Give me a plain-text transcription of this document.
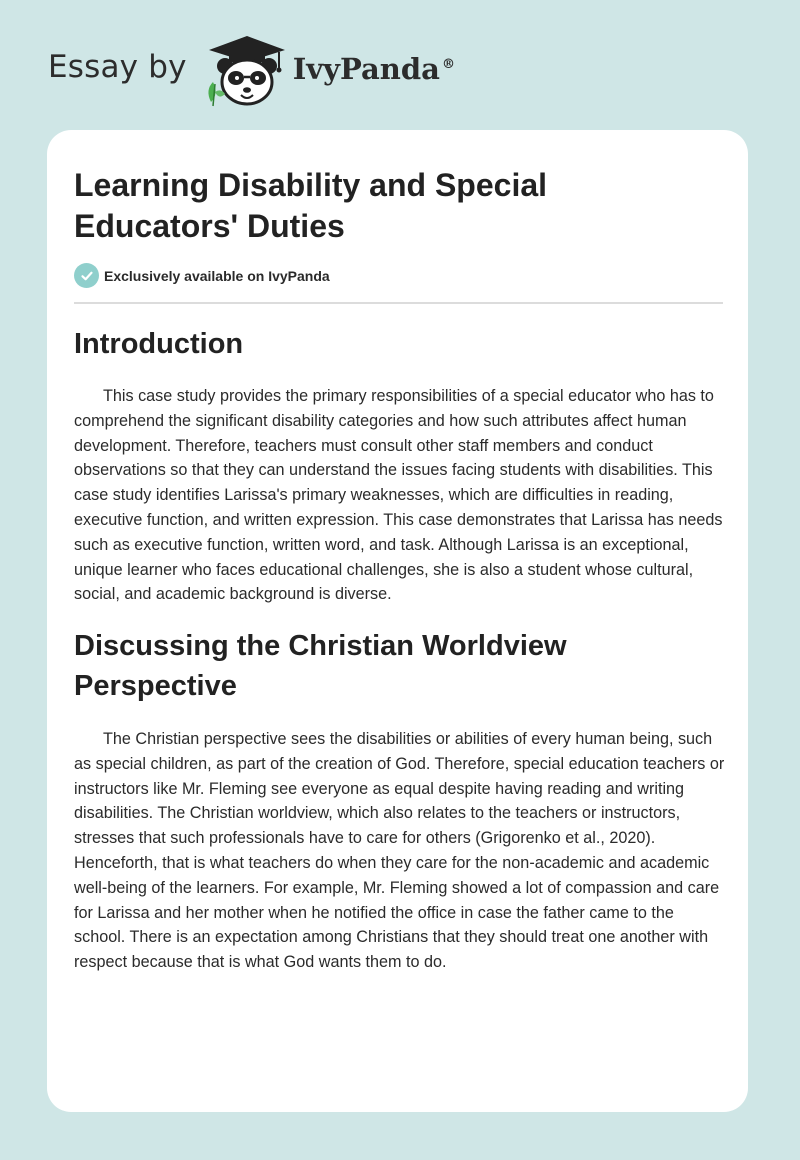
Essay by	IvyPanda ®
Learning Disability and Special Educators' Duties
Exclusively available on IvyPanda
Introduction

This case study provides the primary responsibilities of a special educator who has to comprehend the significant disability categories and how such attributes affect human development. Therefore, teachers must consult other staff members and conduct observations so that they can understand the issues facing students with disabilities. This case study identifies Larissa's primary weaknesses, which are difficulties in reading, executive function, and written expression. This case demonstrates that Larissa has needs such as executive function, written word, and task. Although Larissa is an exceptional, unique learner who faces educational challenges, she is also a student whose cultural, social, and academic background is diverse.

Discussing the Christian Worldview Perspective

The Christian perspective sees the disabilities or abilities of every human being, such as special children, as part of the creation of God. Therefore, special education teachers or instructors like Mr. Fleming see everyone as equal despite having reading and writing disabilities. The Christian worldview, which also relates to the teachers or instructors, stresses that such professionals have to care for others (Grigorenko et al., 2020). Henceforth, that is what teachers do when they care for the non-academic and academic well-being of the learners. For example, Mr. Fleming showed a lot of compassion and care for Larissa and her mother when he notified the office in case the father came to the school. There is an expectation among Christians that they should treat one another with respect because that is what God wants them to do.
